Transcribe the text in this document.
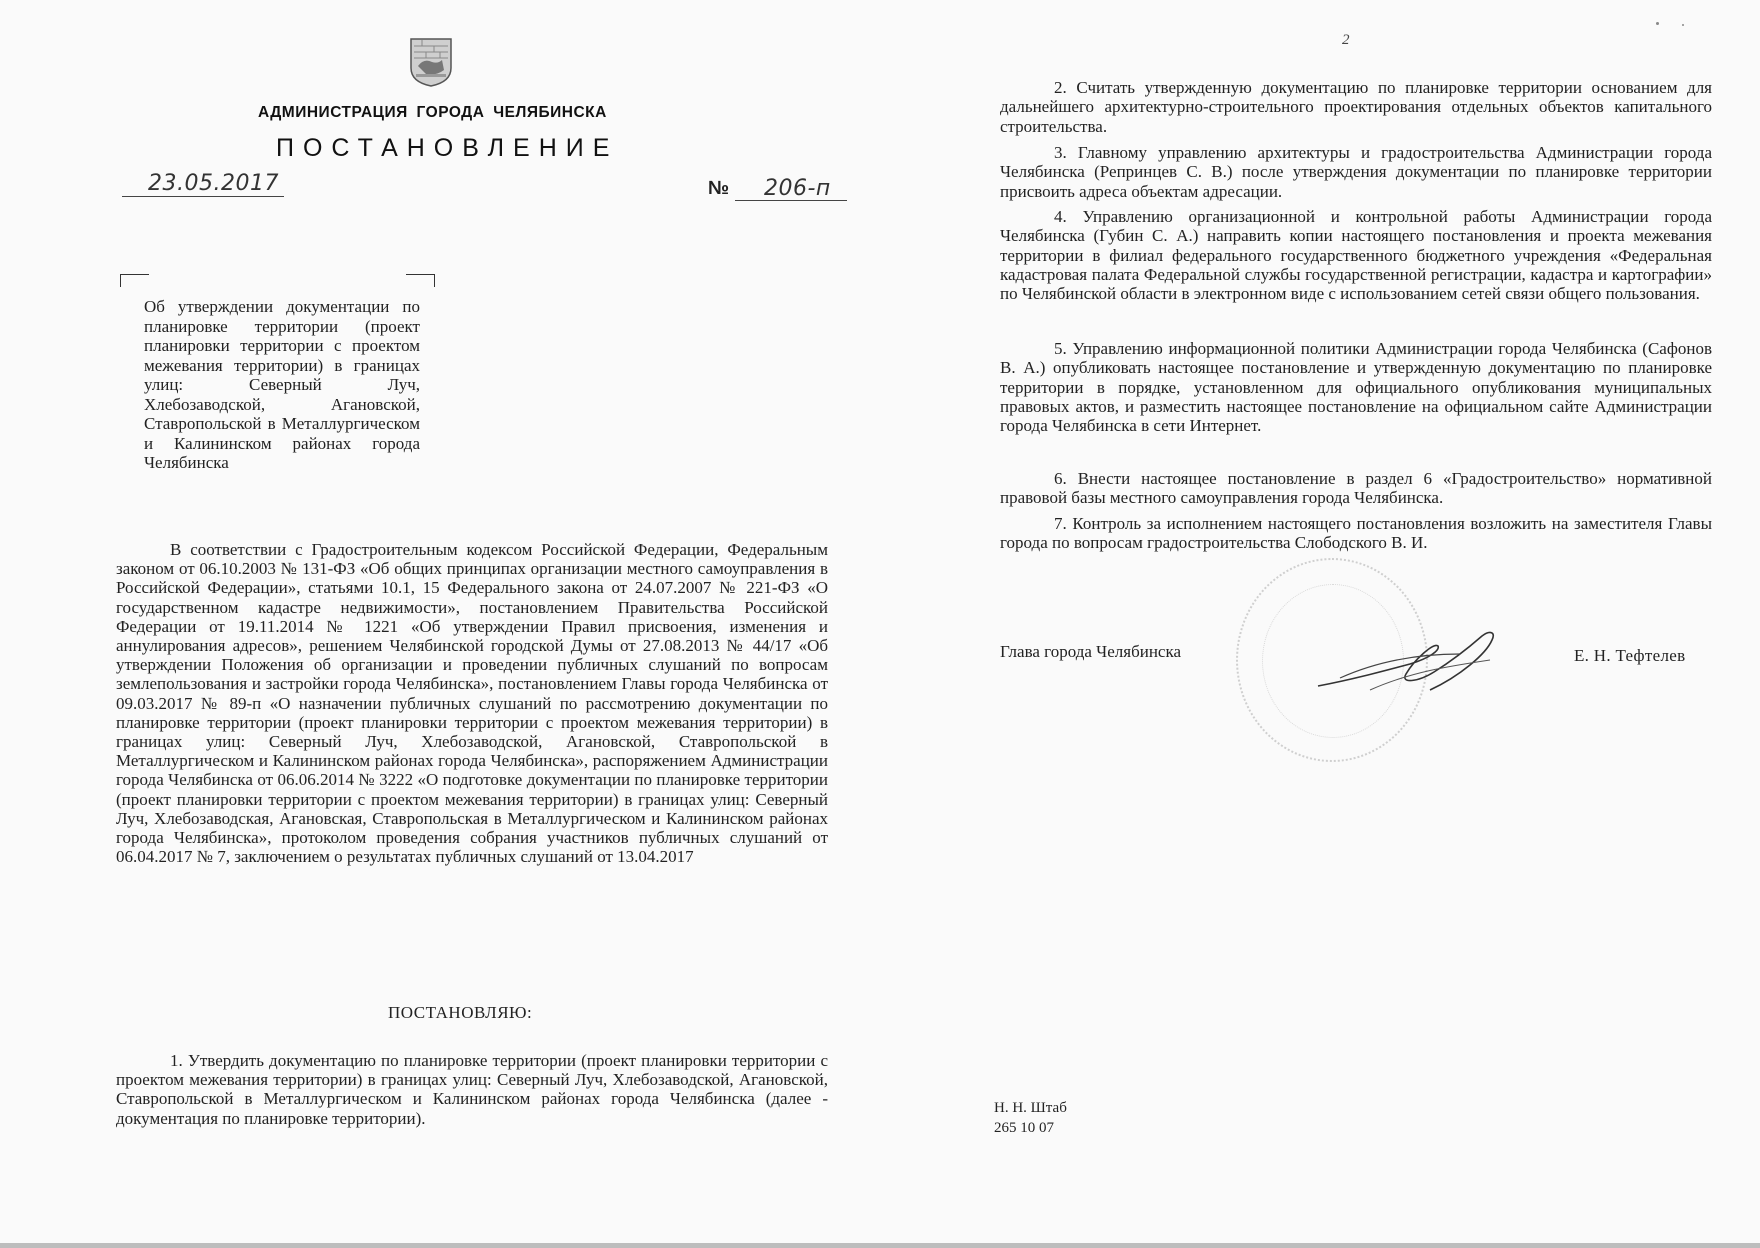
АДМИНИСТРАЦИЯ ГОРОДА ЧЕЛЯБИНСКА
ПОСТАНОВЛЕНИЕ
23.05.2017	№ 206-п

Об утверждении документации по планировке территории (проект планировки территории с проектом межевания территории) в границах улиц: Северный Луч, Хлебозаводской, Агановской, Ставропольской в Металлургическом и Калининском районах города Челябинска

В соответствии с Градостроительным кодексом Российской Федерации, Федеральным законом от 06.10.2003 № 131-ФЗ «Об общих принципах организации местного самоуправления в Российской Федерации», статьями 10.1, 15 Федерального закона от 24.07.2007 № 221-ФЗ «О государственном кадастре недвижимости», постановлением Правительства Российской Федерации от 19.11.2014 № 1221 «Об утверждении Правил присвоения, изменения и аннулирования адресов», решением Челябинской городской Думы от 27.08.2013 № 44/17 «Об утверждении Положения об организации и проведении публичных слушаний по вопросам землепользования и застройки города Челябинска», постановлением Главы города Челябинска от 09.03.2017 № 89-п «О назначении публичных слушаний по рассмотрению документации по планировке территории (проект планировки территории с проектом межевания территории) в границах улиц: Северный Луч, Хлебозаводской, Агановской, Ставропольской в Металлургическом и Калининском районах города Челябинска», распоряжением Администрации города Челябинска от 06.06.2014 № 3222 «О подготовке документации по планировке территории (проект планировки территории с проектом межевания территории) в границах улиц: Северный Луч, Хлебозаводская, Агановская, Ставропольская в Металлургическом и Калининском районах города Челябинска», протоколом проведения собрания участников публичных слушаний от 06.04.2017 № 7, заключением о результатах публичных слушаний от 13.04.2017

ПОСТАНОВЛЯЮ:

1. Утвердить документацию по планировке территории (проект планировки территории с проектом межевания территории) в границах улиц: Северный Луч, Хлебозаводской, Агановской, Ставропольской в Металлургическом и Калининском районах города Челябинска (далее - документация по планировке территории).

2

2. Считать утвержденную документацию по планировке территории основанием для дальнейшего архитектурно-строительного проектирования отдельных объектов капитального строительства.

3. Главному управлению архитектуры и градостроительства Администрации города Челябинска (Репринцев С. В.) после утверждения документации по планировке территории присвоить адреса объектам адресации.

4. Управлению организационной и контрольной работы Администрации города Челябинска (Губин С. А.) направить копии настоящего постановления и проекта межевания территории в филиал федерального государственного бюджетного учреждения «Федеральная кадастровая палата Федеральной службы государственной регистрации, кадастра и картографии» по Челябинской области в электронном виде с использованием сетей связи общего пользования.

5. Управлению информационной политики Администрации города Челябинска (Сафонов В. А.) опубликовать настоящее постановление и утвержденную документацию по планировке территории в порядке, установленном для официального опубликования муниципальных правовых актов, и разместить настоящее постановление на официальном сайте Администрации города Челябинска в сети Интернет.

6. Внести настоящее постановление в раздел 6 «Градостроительство» нормативной правовой базы местного самоуправления города Челябинска.

7. Контроль за исполнением настоящего постановления возложить на заместителя Главы города по вопросам градостроительства Слободского В. И.

Глава города Челябинска	Е. Н. Тефтелев
Н. Н. Штаб
265 10 07
